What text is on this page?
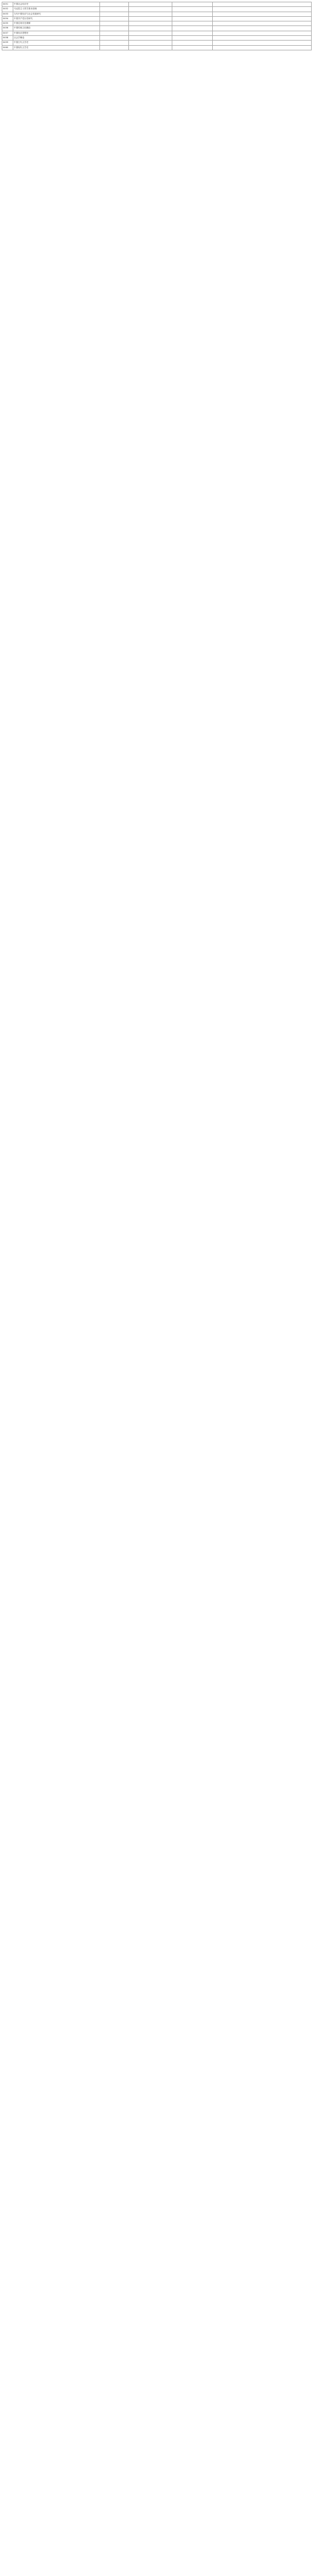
0451	中国社会经济史				
0452	马克思主义哲学基本原理				
0453	当代中国经济与社会发展研究				
0454	中国共产党历史研究				
0455	中国近现代史纲要				
0456	中国传统文化概论				
0457	中国经济思想史				
0458	社会学概论				
0459	中国古代文学史				
0460	中国现代文学史				
